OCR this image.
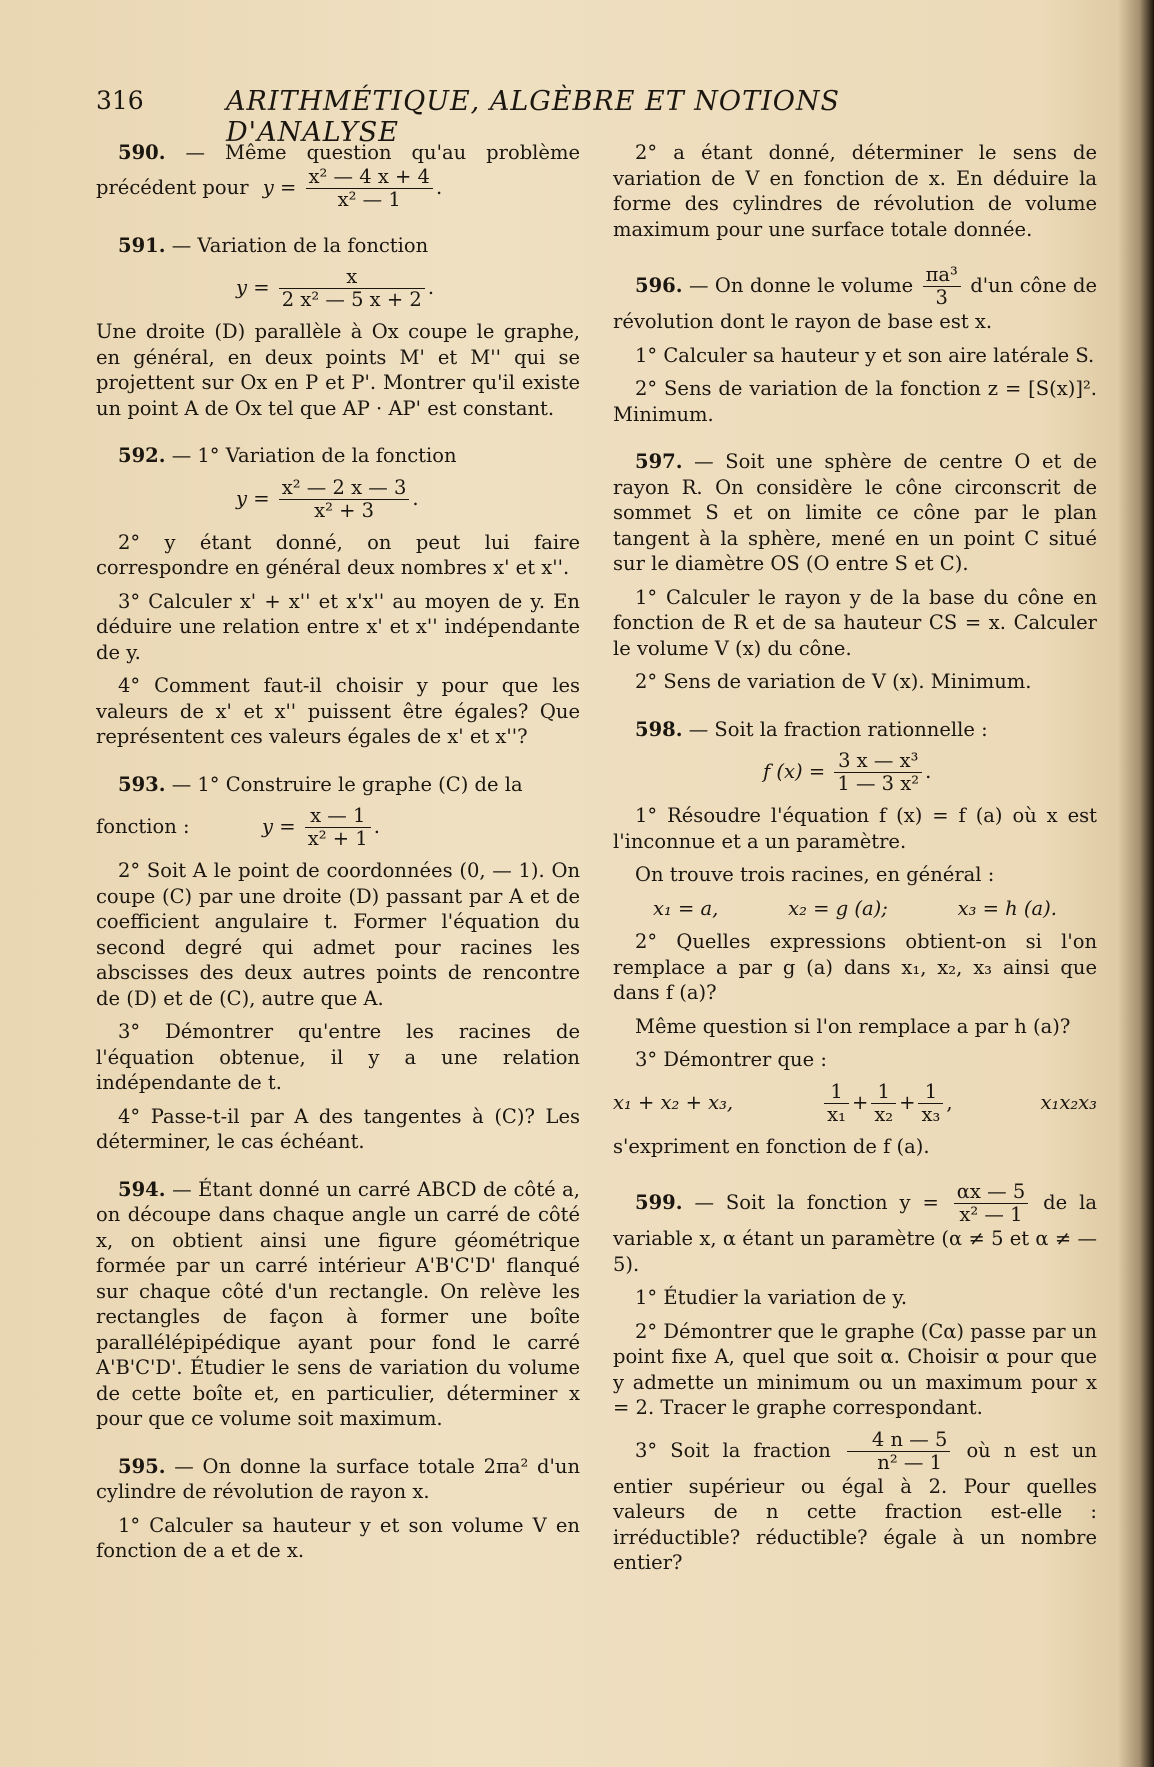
316	ARITHMÉTIQUE, ALGÈBRE ET NOTIONS D'ANALYSE

590. — Même question qu'au problème précédent pour $y = \frac{\text{x² — 4 x + 4}}{\text{x² — 1}}$ .

591. — Variation de la fonction

$y = \frac{x}{\text{2 x² — 5 x + 2}}$ .

Une droite (D) parallèle à Ox coupe le graphe, en général, en deux points M' et M'' qui se projettent sur Ox en P et P'. Montrer qu'il existe un point A de Ox tel que AP · AP' est constant.

592. — 1° Variation de la fonction

$y = \frac{\text{x² — 2 x — 3}}{\text{x² + 3}}$ .

2° y étant donné, on peut lui faire correspondre en général deux nombres x' et x''.

3° Calculer x' + x'' et x'x'' au moyen de y. En déduire une relation entre x' et x'' indépendante de y.

4° Comment faut-il choisir y pour que les valeurs de x' et x'' puissent être égales? Que représentent ces valeurs égales de x' et x''?

593. — 1° Construire le graphe (C) de la

fonction :	$y = \frac{x — 1}{\text{x² + 1}}$ .

2° Soit A le point de coordonnées (0, — 1). On coupe (C) par une droite (D) passant par A et de coefficient angulaire t. Former l'équation du second degré qui admet pour racines les abscisses des deux autres points de rencontre de (D) et de (C), autre que A.

3° Démontrer qu'entre les racines de l'équation obtenue, il y a une relation indépendante de t.

4° Passe-t-il par A des tangentes à (C)? Les déterminer, le cas échéant.

594. — Étant donné un carré ABCD de côté a, on découpe dans chaque angle un carré de côté x, on obtient ainsi une figure géométrique formée par un carré intérieur A'B'C'D' flanqué sur chaque côté d'un rectangle. On relève les rectangles de façon à former une boîte parallélépipédique ayant pour fond le carré A'B'C'D'. Étudier le sens de variation du volume de cette boîte et, en particulier, déterminer x pour que ce volume soit maximum.

595. — On donne la surface totale 2πa² d'un cylindre de révolution de rayon x.

1° Calculer sa hauteur y et son volume V en fonction de a et de x.

2° a étant donné, déterminer le sens de variation de V en fonction de x. En déduire la forme des cylindres de révolution de volume maximum pour une surface totale donnée.

596. — On donne le volume $\frac{\text{πa³}}{3} d'un$ cône de révolution dont le rayon de base est x.

1° Calculer sa hauteur y et son aire latérale S.

2° Sens de variation de la fonction z = [S(x)]². Minimum.

597. — Soit une sphère de centre O et de rayon R. On considère le cône circonscrit de sommet S et on limite ce cône par le plan tangent à la sphère, mené en un point C situé sur le diamètre OS (O entre S et C).

1° Calculer le rayon y de la base du cône en fonction de R et de sa hauteur CS = x. Calculer le volume V (x) du cône.

2° Sens de variation de V (x). Minimum.

598. — Soit la fraction rationnelle :

f $(x) = \frac{\text{3 x — x³}}{\text{1 — 3 x²}}$ .

1° Résoudre l'équation f (x) = f (a) où x est l'inconnue et a un paramètre.

On trouve trois racines, en général :

x₁ = a,	x₂ = g (a);	x₃ = h (a).

2° Quelles expressions obtient-on si l'on remplace a par g (a) dans x₁, x₂, x₃ ainsi que dans f (a)?

Même question si l'on remplace a par h (a)?

3° Démontrer que :

x₁ + x₂ + x₃,	$\frac{1}{\text{x₁}} + \frac{1}{\text{x₂}} + \frac{1}{\text{x₃}}$ ,	x₁x₂x₃

s'expriment en fonction de f (a).

599. — Soit la fonction $y = \frac{\alpha x — 5}{\text{x² — 1}}$ de la variable x, α étant un paramètre (α ≠ 5 et α ≠ — 5).

1° Étudier la variation de y.

2° Démontrer que le graphe (Cα) passe par un point fixe A, quel que soit α. Choisir α pour que y admette un minimum ou un maximum pour x = 2. Tracer le graphe correspondant.

3° Soit la fraction $\frac{4 n — 5}{\text{n² — 1}}$ où n est un entier supérieur ou égal à 2. Pour quelles valeurs de n cette fraction est-elle : irréductible? réductible? égale à un nombre entier?
